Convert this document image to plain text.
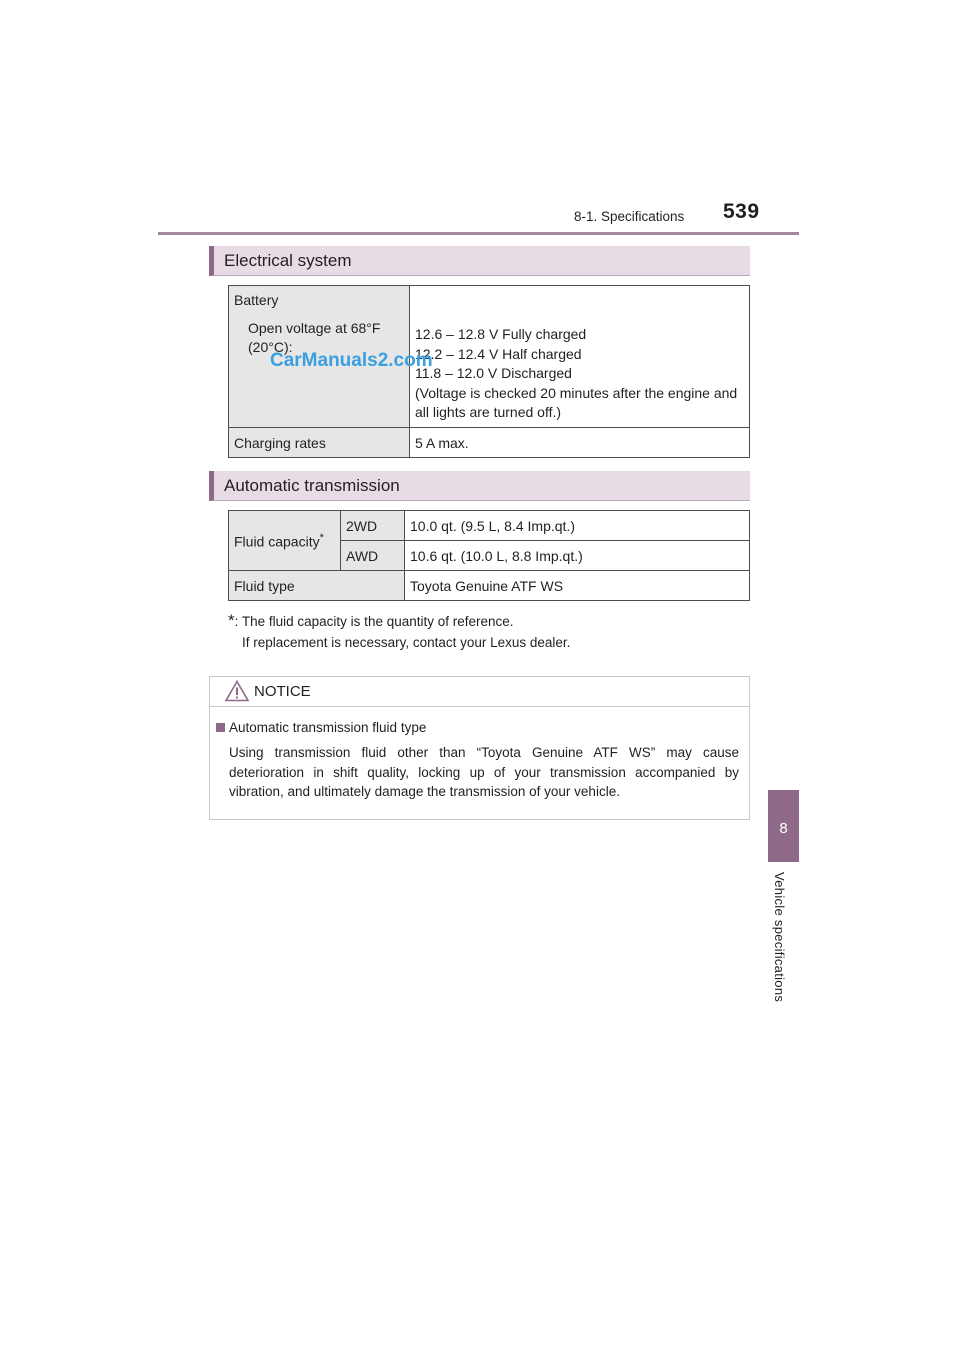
8-1. Specifications 539
8
Vehicle specifications
Electrical system
Battery
Open voltage at 68°F (20°C):	12.6 – 12.8 V Fully charged
12.2 – 12.4 V Half charged
11.8 – 12.0 V Discharged
(Voltage is checked 20 minutes after the engine and
all lights are turned off.)

Charging rates	5 A max.
Automatic transmission
Fluid capacity*	2WD	10.0 qt. (9.5 L, 8.4 Imp.qt.)
	AWD	10.6 qt. (10.0 L, 8.8 Imp.qt.)
Fluid type		Toyota Genuine ATF WS
*: The fluid capacity is the quantity of reference.
If replacement is necessary, contact your Lexus dealer.
NOTICE
Automatic transmission fluid type
Using transmission fluid other than “Toyota Genuine ATF WS” may cause deterioration in shift quality, locking up of your transmission accompanied by vibration, and ultimately damage the transmission of your vehicle.
CarManuals2.com
